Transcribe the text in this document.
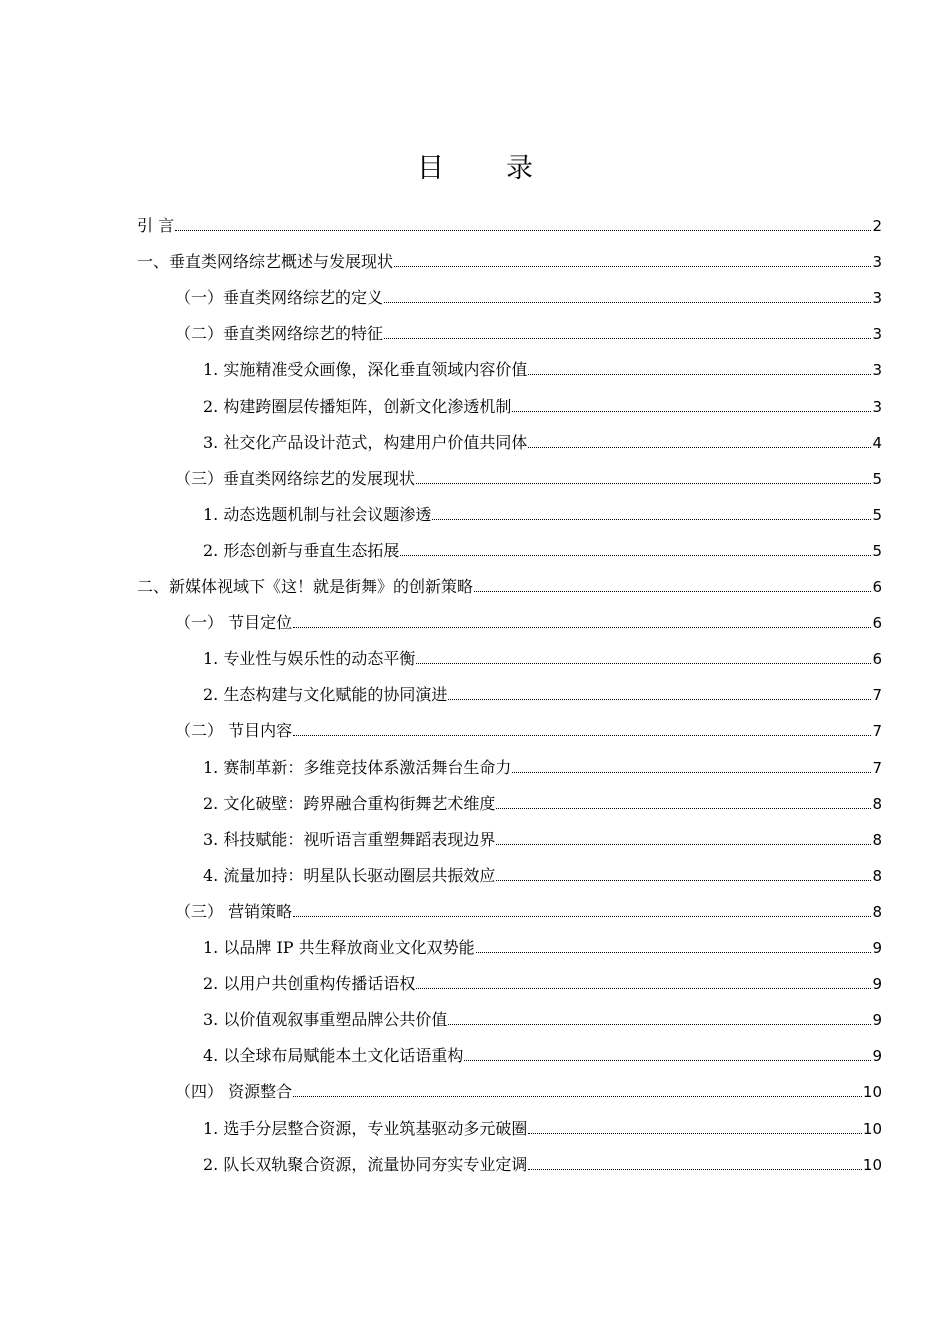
目 录
引 言	2
一、垂直类网络综艺概述与发展现状	3
（一）垂直类网络综艺的定义	3
（二）垂直类网络综艺的特征	3
1. 实施精准受众画像，深化垂直领域内容价值	3
2. 构建跨圈层传播矩阵，创新文化渗透机制	3
3. 社交化产品设计范式，构建用户价值共同体	4
（三）垂直类网络综艺的发展现状	5
1. 动态选题机制与社会议题渗透	5
2. 形态创新与垂直生态拓展	5
二、新媒体视域下《这！就是街舞》的创新策略	6
（一） 节目定位	6
1. 专业性与娱乐性的动态平衡	6
2. 生态构建与文化赋能的协同演进	7
（二） 节目内容	7
1. 赛制革新：多维竞技体系激活舞台生命力	7
2. 文化破壁：跨界融合重构街舞艺术维度	8
3. 科技赋能：视听语言重塑舞蹈表现边界	8
4. 流量加持：明星队长驱动圈层共振效应	8
（三） 营销策略	8
1. 以品牌 IP 共生释放商业文化双势能	9
2. 以用户共创重构传播话语权	9
3. 以价值观叙事重塑品牌公共价值	9
4. 以全球布局赋能本土文化话语重构	9
（四） 资源整合	10
1. 选手分层整合资源，专业筑基驱动多元破圈	10
2. 队长双轨聚合资源，流量协同夯实专业定调	10
